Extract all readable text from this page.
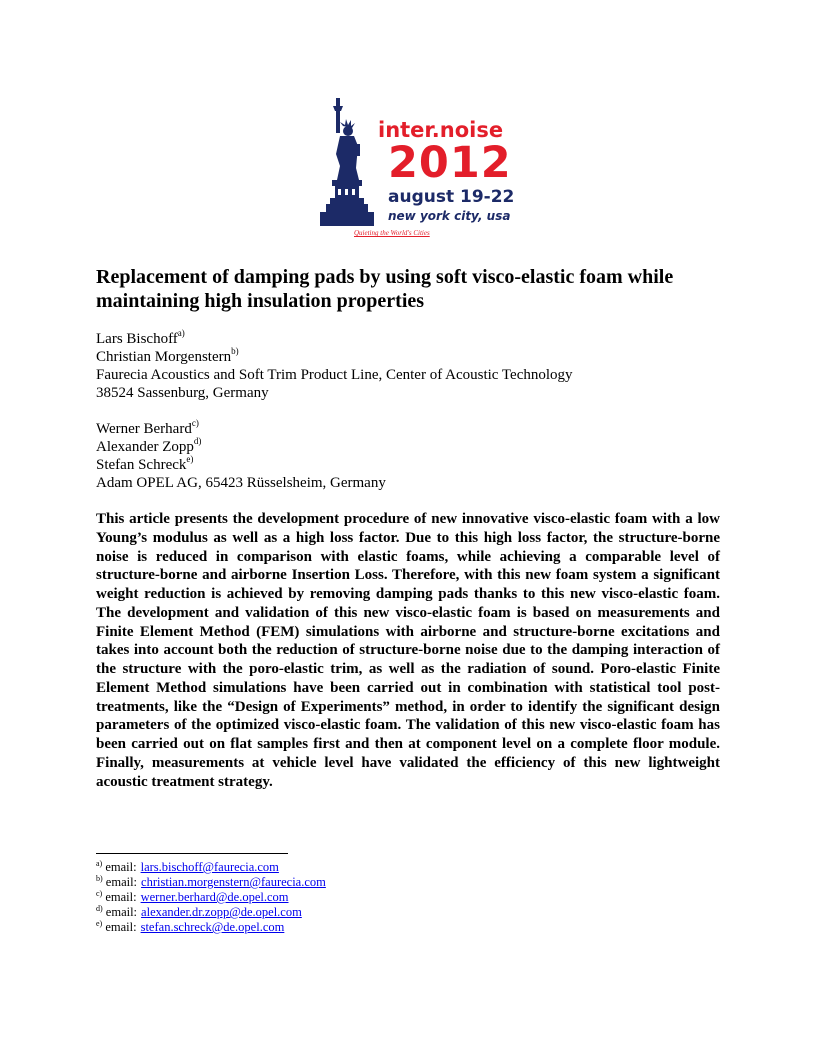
inter.noise
2012
august 19-22
new york city, usa
Quieting the World's Cities
Replacement of damping pads by using soft visco-elastic foam while maintaining high insulation properties
Lars Bischoff$^{a)}$
Christian Morgenstern$^{b)}$
Faurecia Acoustics and Soft Trim Product Line, Center of Acoustic Technology
38524 Sassenburg, Germany
Werner Berhard$^{c)}$
Alexander Zopp$^{d)}$
Stefan Schreck$^{e)}$
Adam OPEL AG, 65423 Rüsselsheim, Germany

This article presents the development procedure of new innovative visco-elastic foam with a low Young’s modulus as well as a high loss factor. Due to this high loss factor, the structure-borne noise is reduced in comparison with elastic foams, while achieving a comparable level of structure-borne and airborne Insertion Loss. Therefore, with this new foam system a significant weight reduction is achieved by removing damping pads thanks to this new visco-elastic foam. The development and validation of this new visco-elastic foam is based on measurements and Finite Element Method (FEM) simulations with airborne and structure-borne excitations and takes into account both the reduction of structure-borne noise due to the damping interaction of the structure with the poro-elastic trim, as well as the radiation of sound. Poro-elastic Finite Element Method simulations have been carried out in combination with statistical tool post-treatments, like the “Design of Experiments” method, in order to identify the significant design parameters of the optimized visco-elastic foam. The validation of this new visco-elastic foam has been carried out on flat samples first and then at component level on a complete floor module. Finally, measurements at vehicle level have validated the efficiency of this new lightweight acoustic treatment strategy.

$^{a)}$ email: lars.bischoff@faurecia.com
$^{b)}$ email: christian.morgenstern@faurecia.com
$^{c)}$ email: werner.berhard@de.opel.com
$^{d)}$ email: alexander.dr.zopp@de.opel.com
$^{e)}$ email: stefan.schreck@de.opel.com
